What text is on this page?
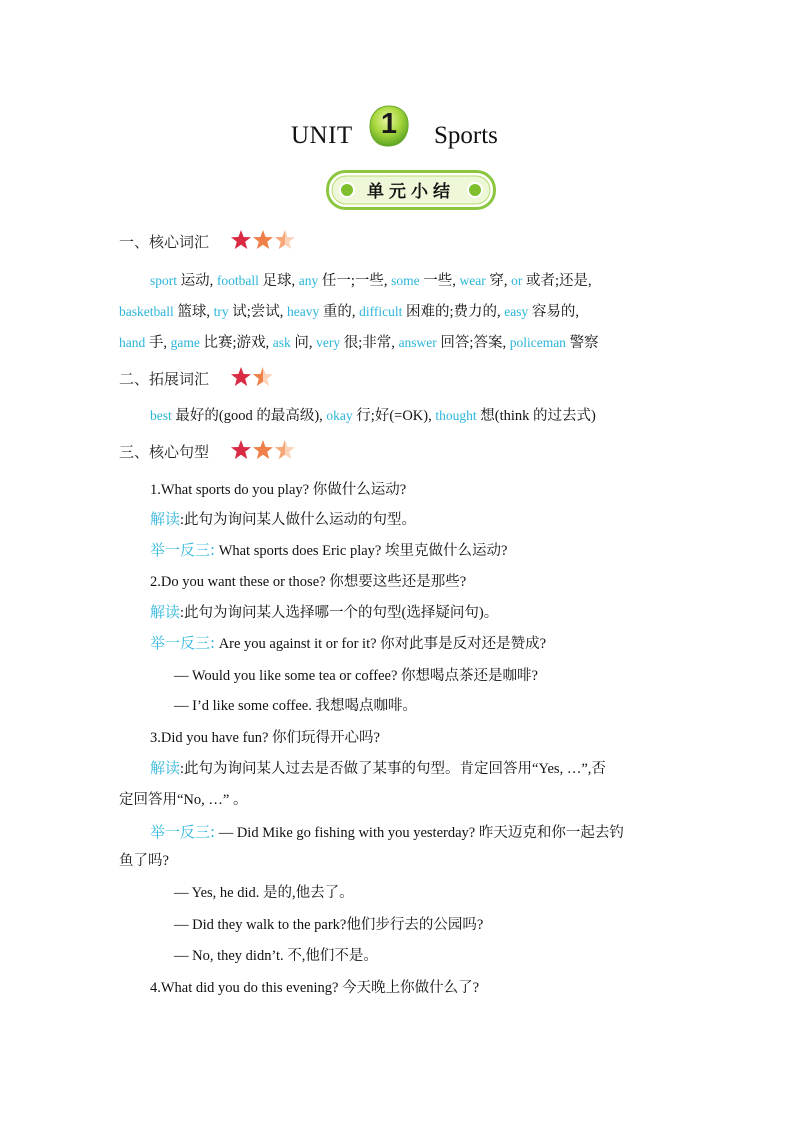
UNIT 1	Sports
单元小结
一、核心词汇
sport 运动, football 足球, any 任一;一些, some 一些, wear 穿, or 或者;还是,
basketball 篮球, try 试;尝试, heavy 重的, difficult 困难的;费力的, easy 容易的,
hand 手, game 比赛;游戏, ask 问, very 很;非常, answer 回答;答案, policeman 警察
二、拓展词汇
best 最好的(good 的最高级), okay 行;好(=OK), thought 想(think 的过去式)
三、核心句型
1.What sports do you play? 你做什么运动?
解读:此句为询问某人做什么运动的句型。
举一反三: What sports does Eric play? 埃里克做什么运动?
2.Do you want these or those? 你想要这些还是那些?
解读:此句为询问某人选择哪一个的句型(选择疑问句)。
举一反三: Are you against it or for it? 你对此事是反对还是赞成?
— Would you like some tea or coffee? 你想喝点茶还是咖啡?
— I’d like some coffee. 我想喝点咖啡。
3.Did you have fun? 你们玩得开心吗?
解读:此句为询问某人过去是否做了某事的句型。肯定回答用“Yes, …”,否
定回答用“No, …” 。
举一反三: — Did Mike go fishing with you yesterday? 昨天迈克和你一起去钓
鱼了吗?
— Yes, he did. 是的,他去了。
— Did they walk to the park?他们步行去的公园吗?
— No, they didn’t. 不,他们不是。
4.What did you do this evening? 今天晚上你做什么了?
